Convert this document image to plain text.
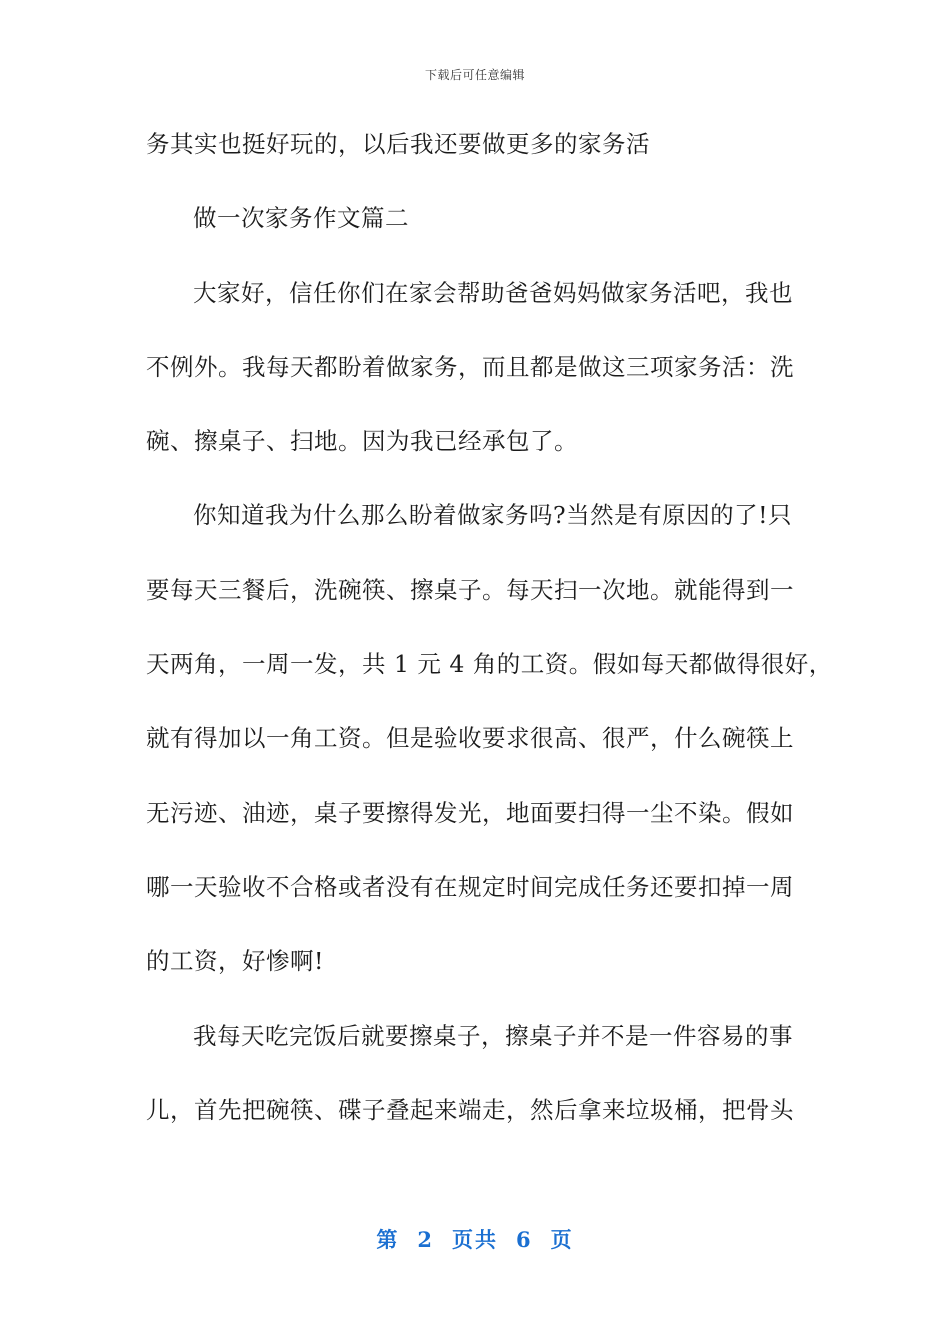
下载后可任意编辑
务其实也挺好玩的，以后我还要做更多的家务活
做一次家务作文篇二
大家好，信任你们在家会帮助爸爸妈妈做家务活吧，我也
不例外。我每天都盼着做家务，而且都是做这三项家务活：洗
碗、擦桌子、扫地。因为我已经承包了。
你知道我为什么那么盼着做家务吗?当然是有原因的了!只
要每天三餐后，洗碗筷、擦桌子。每天扫一次地。就能得到一
天两角，一周一发，共 1 元 4 角的工资。假如每天都做得很好，
就有得加以一角工资。但是验收要求很高、很严，什么碗筷上
无污迹、油迹，桌子要擦得发光，地面要扫得一尘不染。假如
哪一天验收不合格或者没有在规定时间完成任务还要扣掉一周
的工资，好惨啊!
我每天吃完饭后就要擦桌子，擦桌子并不是一件容易的事
儿，首先把碗筷、碟子叠起来端走，然后拿来垃圾桶，把骨头
第 2 页共 6 页
